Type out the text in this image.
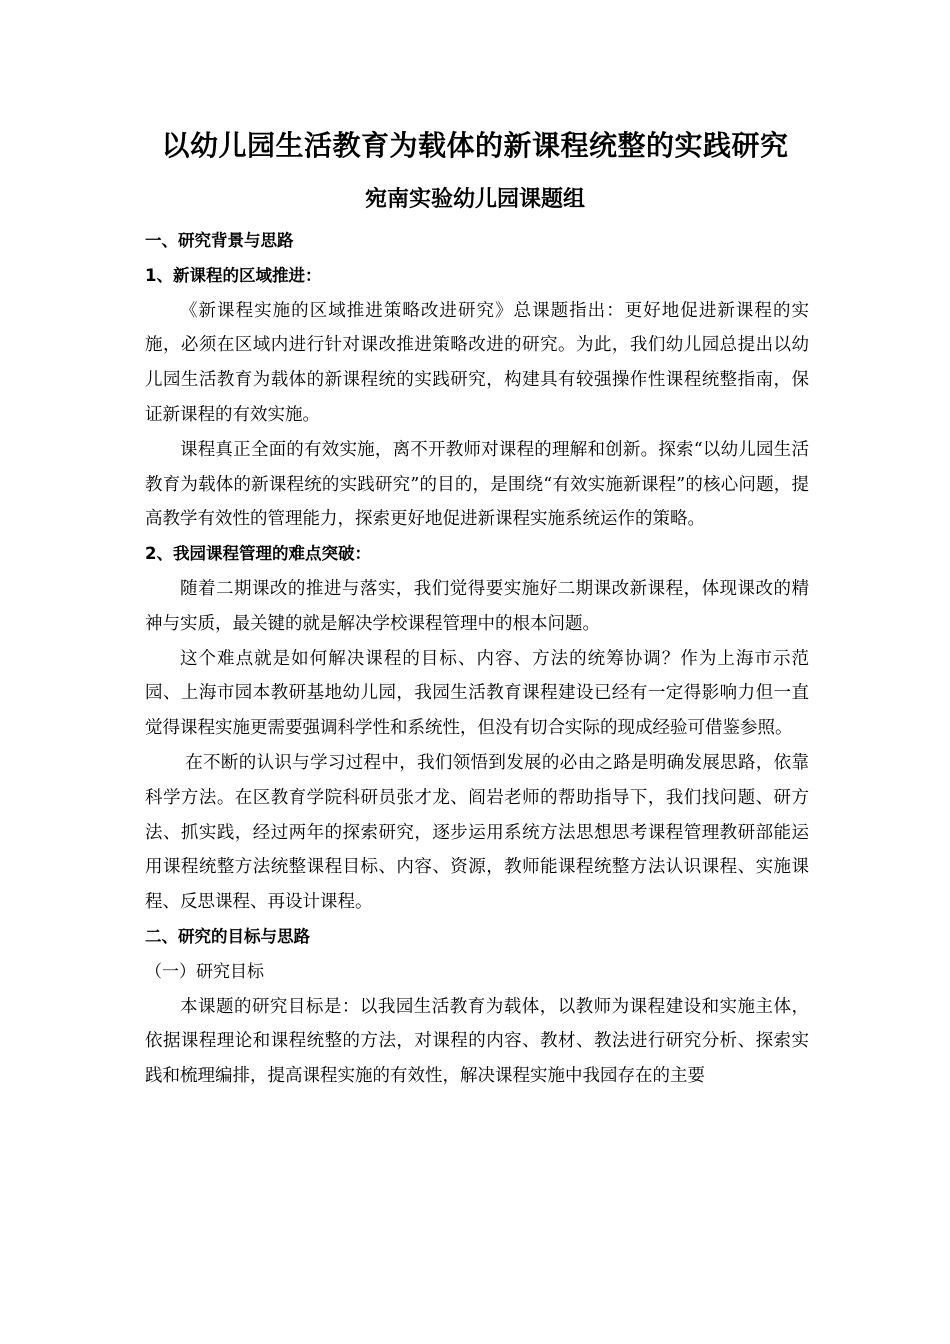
以幼儿园生活教育为载体的新课程统整的实践研究
宛南实验幼儿园课题组

一、研究背景与思路

1、新课程的区域推进：

《新课程实施的区域推进策略改进研究》总课题指出：更好地促进新课程的实施，必须在区域内进行针对课改推进策略改进的研究。为此，我们幼儿园总提出以幼儿园生活教育为载体的新课程统的实践研究，构建具有较强操作性课程统整指南，保证新课程的有效实施。

课程真正全面的有效实施，离不开教师对课程的理解和创新。探索“以幼儿园生活教育为载体的新课程统的实践研究”的目的，是围绕“有效实施新课程”的核心问题，提高教学有效性的管理能力，探索更好地促进新课程实施系统运作的策略。

2、我园课程管理的难点突破：

随着二期课改的推进与落实，我们觉得要实施好二期课改新课程，体现课改的精神与实质，最关键的就是解决学校课程管理中的根本问题。

这个难点就是如何解决课程的目标、内容、方法的统筹协调？作为上海市示范园、上海市园本教研基地幼儿园，我园生活教育课程建设已经有一定得影响力但一直觉得课程实施更需要强调科学性和系统性，但没有切合实际的现成经验可借鉴参照。

在不断的认识与学习过程中，我们领悟到发展的必由之路是明确发展思路，依靠科学方法。在区教育学院科研员张才龙、阎岩老师的帮助指导下，我们找问题、研方法、抓实践，经过两年的探索研究，逐步运用系统方法思想思考课程管理教研部能运用课程统整方法统整课程目标、内容、资源，教师能课程统整方法认识课程、实施课程、反思课程、再设计课程。

二、研究的目标与思路

（一）研究目标

本课题的研究目标是：以我园生活教育为载体，以教师为课程建设和实施主体，依据课程理论和课程统整的方法，对课程的内容、教材、教法进行研究分析、探索实践和梳理编排，提高课程实施的有效性，解决课程实施中我园存在的主要
